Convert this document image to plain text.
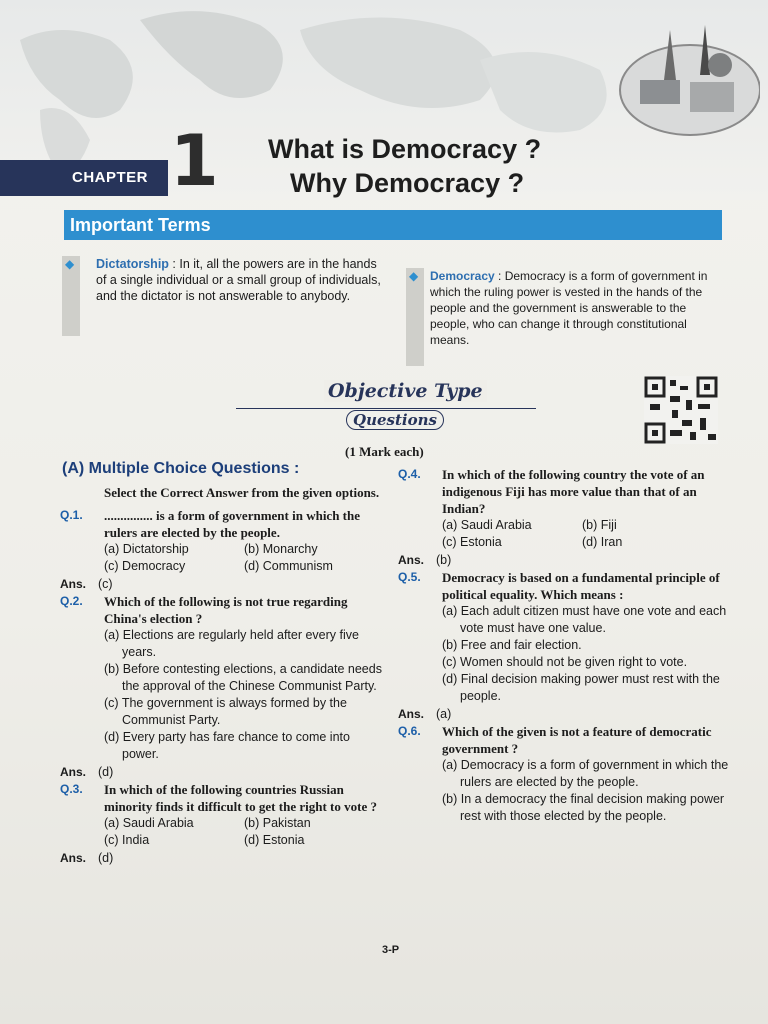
CHAPTER 1 What is Democracy ?
Why Democracy ?
Important Terms
◆ Dictatorship : In it, all the powers are in the hands of a single individual or a small group of individuals, and the dictator is not answerable to anybody.
◆ Democracy : Democracy is a form of government in which the ruling power is vested in the hands of the people and the government is answerable to the people, who can change it through constitutional means.
Objective Type
Questions
(1 Mark each)
(A) Multiple Choice Questions :
Select the Correct Answer from the given options.
Q.1. ............... is a form of government in which the rulers are elected by the people.
(a) Dictatorship	(b) Monarchy
(c) Democracy	(d) Communism
Ans. (c)
Q.2. Which of the following is not true regarding China's election ?
(a) Elections are regularly held after every five years.
(b) Before contesting elections, a candidate needs the approval of the Chinese Communist Party.
(c) The government is always formed by the Communist Party.
(d) Every party has fare chance to come into power.
Ans. (d)
Q.3. In which of the following countries Russian minority finds it difficult to get the right to vote ?
(a) Saudi Arabia	(b) Pakistan
(c) India	(d) Estonia
Ans. (d)
Q.4. In which of the following country the vote of an indigenous Fiji has more value than that of an Indian?
(a) Saudi Arabia	(b) Fiji
(c) Estonia	(d) Iran
Ans. (b)
Q.5. Democracy is based on a fundamental principle of political equality. Which means :
(a) Each adult citizen must have one vote and each vote must have one value.
(b) Free and fair election.
(c) Women should not be given right to vote.
(d) Final decision making power must rest with the people.
Ans. (a)
Q.6. Which of the given is not a feature of democratic government ?
(a) Democracy is a form of government in which the rulers are elected by the people.
(b) In a democracy the final decision making power rest with those elected by the people.
3-P
